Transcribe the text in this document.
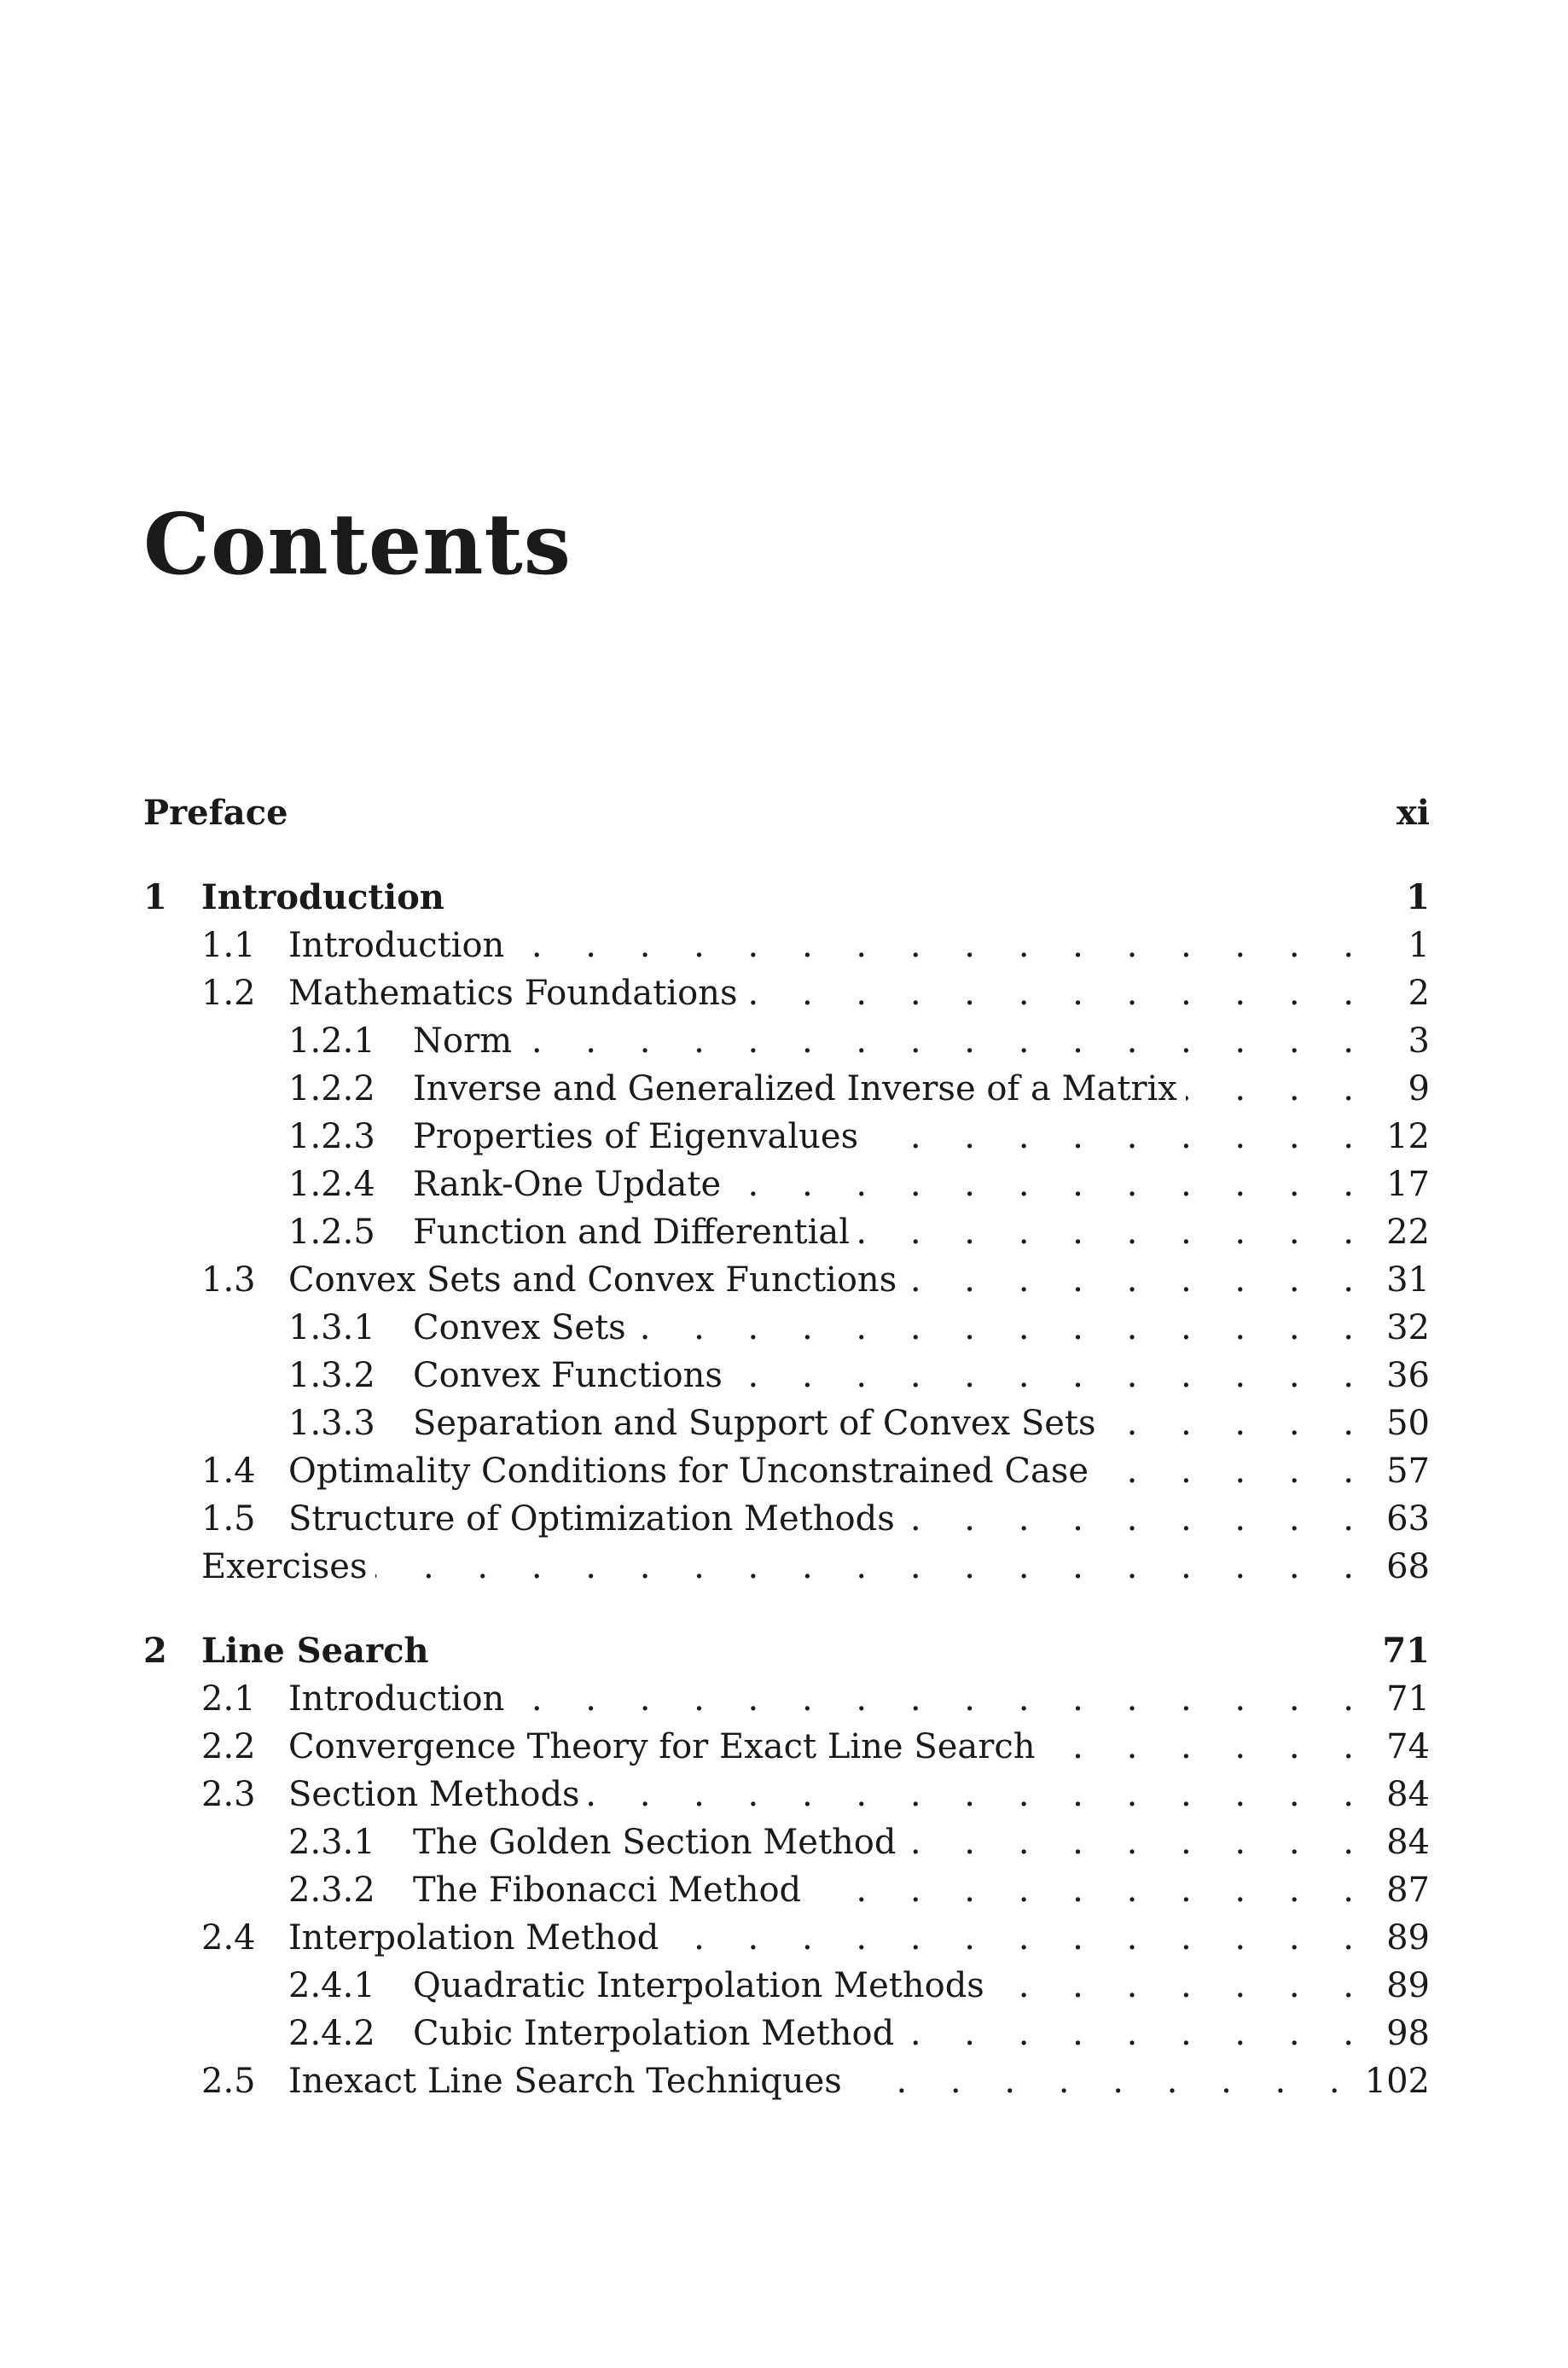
Contents
Preface	xi
1	Introduction	1
1.1 Introduction . . .	1
1.2 Mathematics Foundations . . .	2
1.2.1	Norm . . .	3
1.2.2	Inverse and Generalized Inverse of a Matrix . . .	9
1.2.3	Properties of Eigenvalues . . .	12
1.2.4	Rank-One Update . . .	17
1.2.5	Function and Differential . . .	22
1.3 Convex Sets and Convex Functions . . .	31
1.3.1	Convex Sets . . .	32
1.3.2	Convex Functions . . .	36
1.3.3	Separation and Support of Convex Sets . . .	50
1.4 Optimality Conditions for Unconstrained Case . . .	57
1.5 Structure of Optimization Methods . . .	63
Exercises . . .	68
2	Line Search	71
2.1 Introduction . . .	71
2.2 Convergence Theory for Exact Line Search . . .	74
2.3 Section Methods . . .	84
2.3.1	The Golden Section Method . . .	84
2.3.2	The Fibonacci Method . . .	87
2.4 Interpolation Method . . .	89
2.4.1	Quadratic Interpolation Methods . . .	89
2.4.2	Cubic Interpolation Method . . .	98
2.5 Inexact Line Search Techniques . . .	102
